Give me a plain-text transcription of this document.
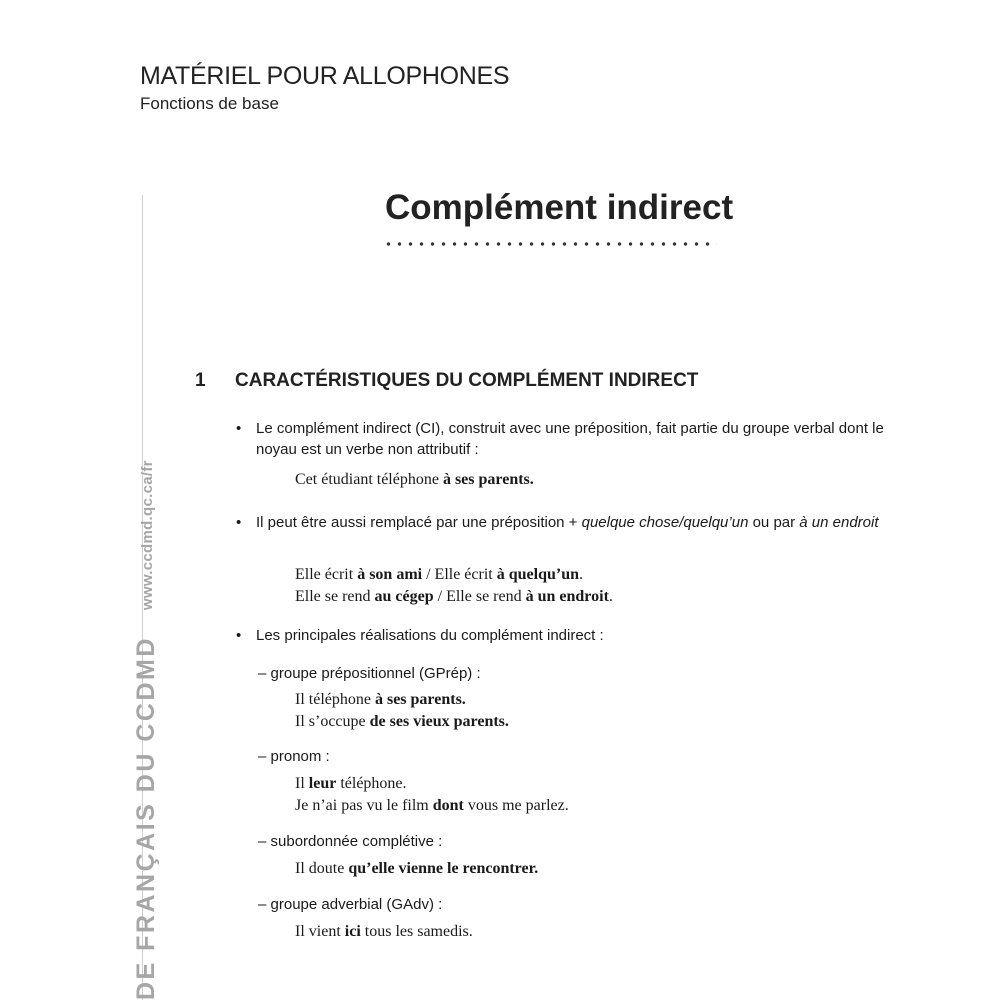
MATÉRIEL POUR ALLOPHONES
Fonctions de base
DE FRANÇAIS DU CCDMDwww.ccdmd.qc.ca/fr
Complément indirect
1 CARACTÉRISTIQUES DU COMPLÉMENT INDIRECT
• Le complément indirect (CI), construit avec une préposition, fait partie du groupe verbal dont le noyau est un verbe non attributif :
Cet étudiant téléphone à ses parents.
• Il peut être aussi remplacé par une préposition + quelque chose/quelqu’un ou par à un endroit
Elle écrit à son ami / Elle écrit à quelqu’un.
Elle se rend au cégep / Elle se rend à un endroit.
• Les principales réalisations du complément indirect :
– groupe prépositionnel (GPrép) :
Il téléphone à ses parents.
Il s’occupe de ses vieux parents.
– pronom :
Il leur téléphone.
Je n’ai pas vu le film dont vous me parlez.
– subordonnée complétive :
Il doute qu’elle vienne le rencontrer.
– groupe adverbial (GAdv) :
Il vient ici tous les samedis.
